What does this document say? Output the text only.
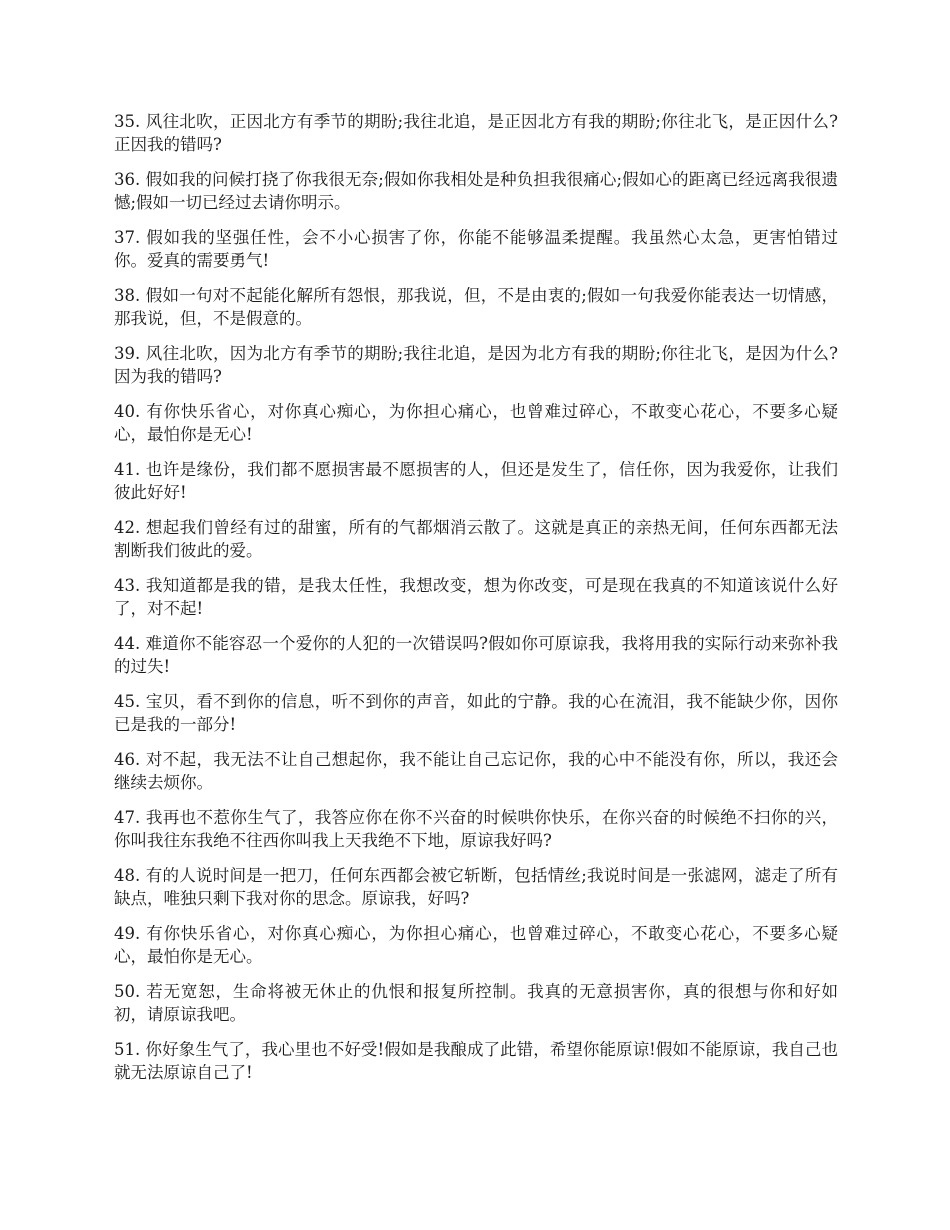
35. 风往北吹，正因北方有季节的期盼;我往北追，是正因北方有我的期盼;你往北飞，是正因什么?正因我的错吗?

36. 假如我的问候打挠了你我很无奈;假如你我相处是种负担我很痛心;假如心的距离已经远离我很遗憾;假如一切已经过去请你明示。

37. 假如我的坚强任性，会不小心损害了你，你能不能够温柔提醒。我虽然心太急，更害怕错过你。爱真的需要勇气!

38. 假如一句对不起能化解所有怨恨，那我说，但，不是由衷的;假如一句我爱你能表达一切情感，那我说，但，不是假意的。

39. 风往北吹，因为北方有季节的期盼;我往北追，是因为北方有我的期盼;你往北飞，是因为什么?因为我的错吗?

40. 有你快乐省心，对你真心痴心，为你担心痛心，也曾难过碎心，不敢变心花心，不要多心疑心，最怕你是无心!

41. 也许是缘份，我们都不愿损害最不愿损害的人，但还是发生了，信任你，因为我爱你，让我们彼此好好!

42. 想起我们曾经有过的甜蜜，所有的气都烟消云散了。这就是真正的亲热无间，任何东西都无法割断我们彼此的爱。

43. 我知道都是我的错，是我太任性，我想改变，想为你改变，可是现在我真的不知道该说什么好了，对不起!

44. 难道你不能容忍一个爱你的人犯的一次错误吗?假如你可原谅我，我将用我的实际行动来弥补我的过失!

45. 宝贝，看不到你的信息，听不到你的声音，如此的宁静。我的心在流泪，我不能缺少你，因你已是我的一部分!

46. 对不起，我无法不让自己想起你，我不能让自己忘记你，我的心中不能没有你，所以，我还会继续去烦你。

47. 我再也不惹你生气了，我答应你在你不兴奋的时候哄你快乐，在你兴奋的时候绝不扫你的兴，你叫我往东我绝不往西你叫我上天我绝不下地，原谅我好吗?

48. 有的人说时间是一把刀，任何东西都会被它斩断，包括情丝;我说时间是一张滤网，滤走了所有缺点，唯独只剩下我对你的思念。原谅我，好吗?

49. 有你快乐省心，对你真心痴心，为你担心痛心，也曾难过碎心，不敢变心花心，不要多心疑心，最怕你是无心。

50. 若无宽恕，生命将被无休止的仇恨和报复所控制。我真的无意损害你，真的很想与你和好如初，请原谅我吧。

51. 你好象生气了，我心里也不好受!假如是我酿成了此错，希望你能原谅!假如不能原谅，我自己也就无法原谅自己了!
